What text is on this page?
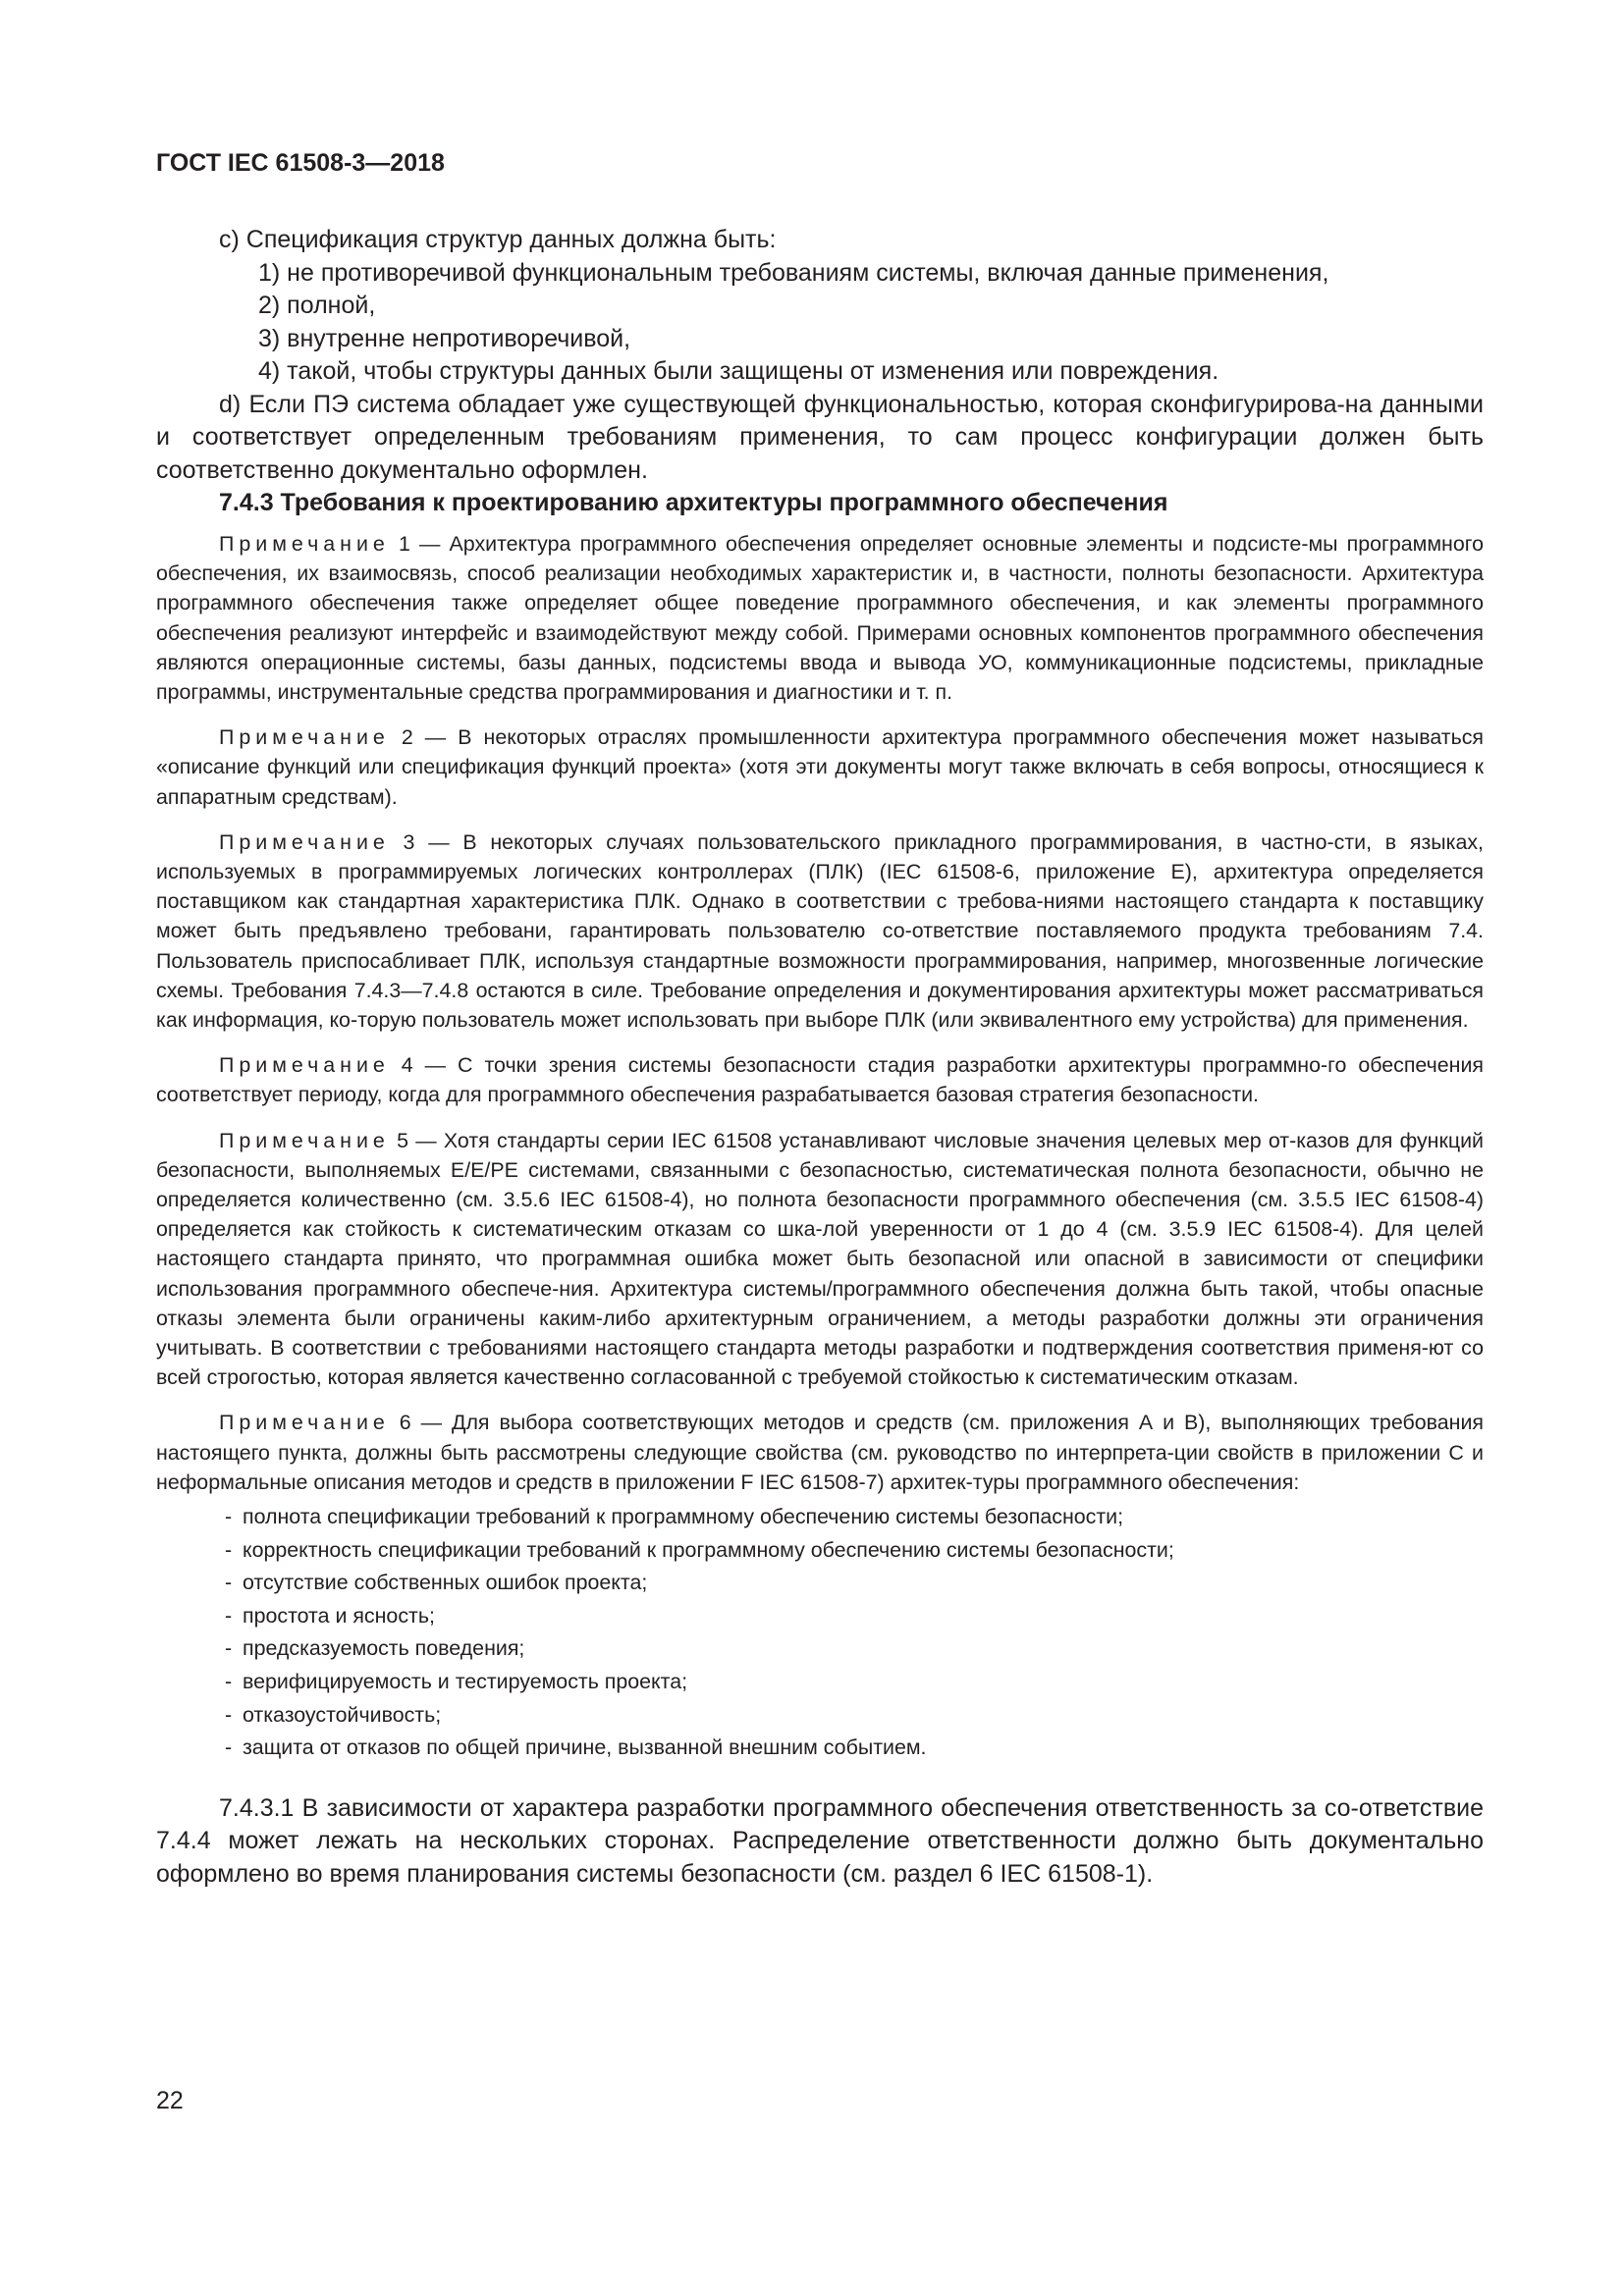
ГОСТ IEC 61508-3—2018

c) Спецификация структур данных должна быть:

1) не противоречивой функциональным требованиям системы, включая данные применения,

2) полной,

3) внутренне непротиворечивой,

4) такой, чтобы структуры данных были защищены от изменения или повреждения.

d) Если ПЭ система обладает уже существующей функциональностью, которая сконфигурирова-на данными и соответствует определенным требованиям применения, то сам процесс конфигурации должен быть соответственно документально оформлен.

7.4.3 Требования к проектированию архитектуры программного обеспечения

Примечание 1 — Архитектура программного обеспечения определяет основные элементы и подсисте-мы программного обеспечения, их взаимосвязь, способ реализации необходимых характеристик и, в частности, полноты безопасности. Архитектура программного обеспечения также определяет общее поведение программного обеспечения, и как элементы программного обеспечения реализуют интерфейс и взаимодействуют между собой. Примерами основных компонентов программного обеспечения являются операционные системы, базы данных, подсистемы ввода и вывода УО, коммуникационные подсистемы, прикладные программы, инструментальные средства программирования и диагностики и т. п.

Примечание 2 — В некоторых отраслях промышленности архитектура программного обеспечения может называться «описание функций или спецификация функций проекта» (хотя эти документы могут также включать в себя вопросы, относящиеся к аппаратным средствам).

Примечание 3 — В некоторых случаях пользовательского прикладного программирования, в частно-сти, в языках, используемых в программируемых логических контроллерах (ПЛК) (IEC 61508-6, приложение Е), архитектура определяется поставщиком как стандартная характеристика ПЛК. Однако в соответствии с требова-ниями настоящего стандарта к поставщику может быть предъявлено требовани, гарантировать пользователю со-ответствие поставляемого продукта требованиям 7.4. Пользователь приспосабливает ПЛК, используя стандартные возможности программирования, например, многозвенные логические схемы. Требования 7.4.3—7.4.8 остаются в силе. Требование определения и документирования архитектуры может рассматриваться как информация, ко-торую пользователь может использовать при выборе ПЛК (или эквивалентного ему устройства) для применения.

Примечание 4 — С точки зрения системы безопасности стадия разработки архитектуры программно-го обеспечения соответствует периоду, когда для программного обеспечения разрабатывается базовая стратегия безопасности.

Примечание 5 — Хотя стандарты серии IEC 61508 устанавливают числовые значения целевых мер от-казов для функций безопасности, выполняемых Е/Е/РЕ системами, связанными с безопасностью, систематическая полнота безопасности, обычно не определяется количественно (см. 3.5.6 IEC 61508-4), но полнота безопасности программного обеспечения (см. 3.5.5 IEC 61508-4) определяется как стойкость к систематическим отказам со шка-лой уверенности от 1 до 4 (см. 3.5.9 IEC 61508-4). Для целей настоящего стандарта принято, что программная ошибка может быть безопасной или опасной в зависимости от специфики использования программного обеспече-ния. Архитектура системы/программного обеспечения должна быть такой, чтобы опасные отказы элемента были ограничены каким-либо архитектурным ограничением, а методы разработки должны эти ограничения учитывать. В соответствии с требованиями настоящего стандарта методы разработки и подтверждения соответствия применя-ют со всей строгостью, которая является качественно согласованной с требуемой стойкостью к систематическим отказам.

Примечание 6 — Для выбора соответствующих методов и средств (см. приложения А и В), выполняющих требования настоящего пункта, должны быть рассмотрены следующие свойства (см. руководство по интерпрета-ции свойств в приложении С и неформальные описания методов и средств в приложении F IEC 61508-7) архитек-туры программного обеспечения:

- полнота спецификации требований к программному обеспечению системы безопасности;
- корректность спецификации требований к программному обеспечению системы безопасности;
- отсутствие собственных ошибок проекта;
- простота и ясность;
- предсказуемость поведения;
- верифицируемость и тестируемость проекта;
- отказоустойчивость;
- защита от отказов по общей причине, вызванной внешним событием.

7.4.3.1 В зависимости от характера разработки программного обеспечения ответственность за со-ответствие 7.4.4 может лежать на нескольких сторонах. Распределение ответственности должно быть документально оформлено во время планирования системы безопасности (см. раздел 6 IEC 61508-1).

22
